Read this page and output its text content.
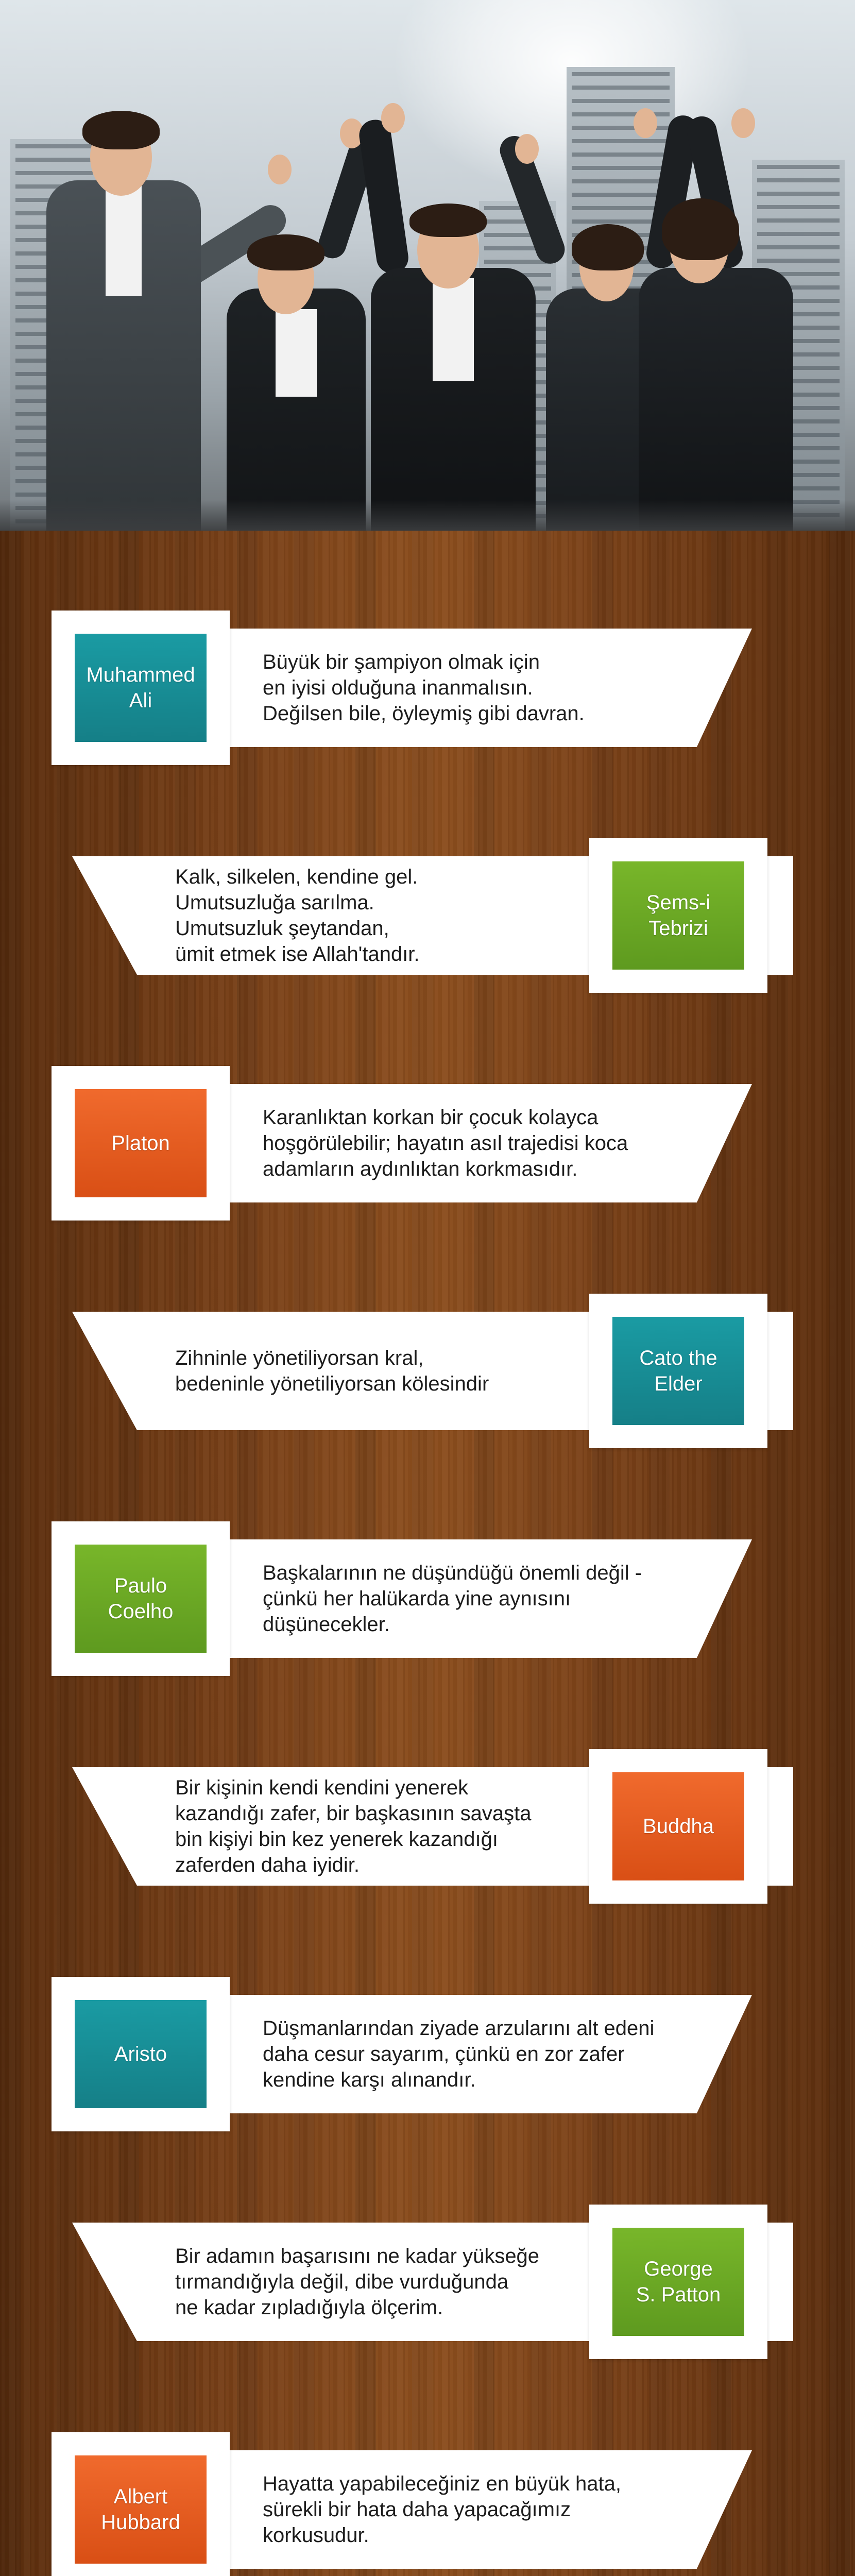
Muhammed
Ali
Büyük bir şampiyon olmak için
en iyisi olduğuna inanmalısın.
Değilsen bile, öyleymiş gibi davran.
Şems-i Tebrizi
Kalk, silkelen, kendine gel.
Umutsuzluğa sarılma.
Umutsuzluk şeytandan,
ümit etmek ise Allah'tandır.
Platon
Karanlıktan korkan bir çocuk kolayca
hoşgörülebilir; hayatın asıl trajedisi koca
adamların aydınlıktan korkmasıdır.
Cato the Elder
Zihninle yönetiliyorsan kral,
bedeninle yönetiliyorsan kölesindir
Paulo Coelho
Başkalarının ne düşündüğü önemli değil -
çünkü her halükarda yine aynısını
düşünecekler.
Buddha
Bir kişinin kendi kendini yenerek
kazandığı zafer, bir başkasının savaşta
bin kişiyi bin kez yenerek kazandığı
zaferden daha iyidir.
Aristo
Düşmanlarından ziyade arzularını alt edeni
daha cesur sayarım, çünkü en zor zafer
kendine karşı alınandır.
George
S. Patton
Bir adamın başarısını ne kadar yükseğe
tırmandığıyla değil, dibe vurduğunda
ne kadar zıpladığıyla ölçerim.
Albert
Hubbard
Hayatta yapabileceğiniz en büyük hata,
sürekli bir hata daha yapacağımız
korkusudur.
